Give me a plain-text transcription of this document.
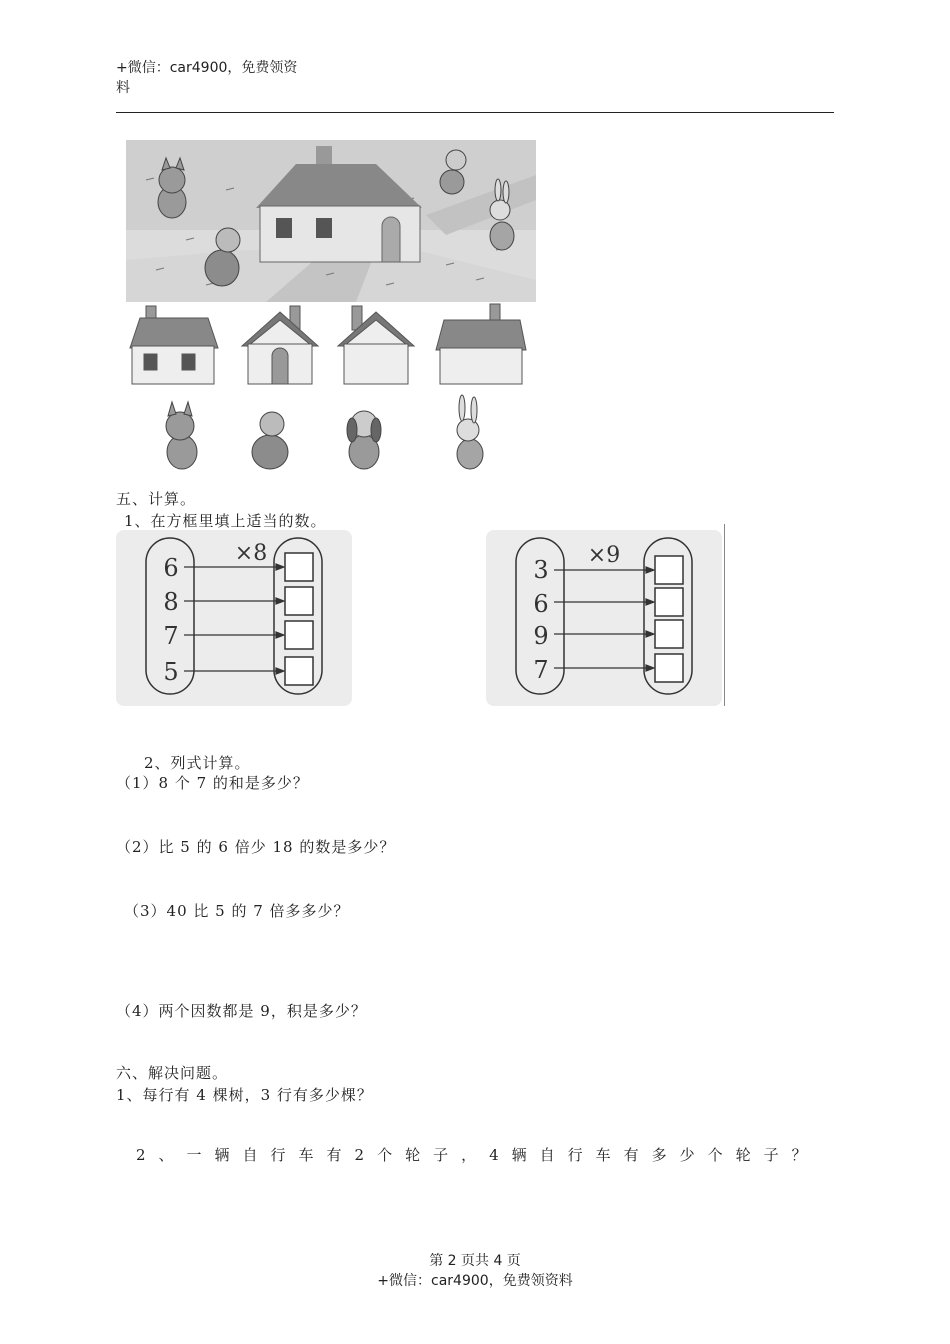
+微信：car4900，免费领资
料
五、计算。
1、在方框里填上适当的数。
×8
6
8
7
5
×9
3
6
9
7
2、列式计算。
（1）8 个 7 的和是多少？
（2）比 5 的 6 倍少 18 的数是多少？
（3）40 比 5 的 7 倍多多少？
（4）两个因数都是 9，积是多少？
六、解决问题。
1、每行有 4 棵树，3 行有多少棵？
2、一辆自行车有2个轮子，4辆自行车有多少个轮子？
第 2 页共 4 页
+微信：car4900，免费领资料
